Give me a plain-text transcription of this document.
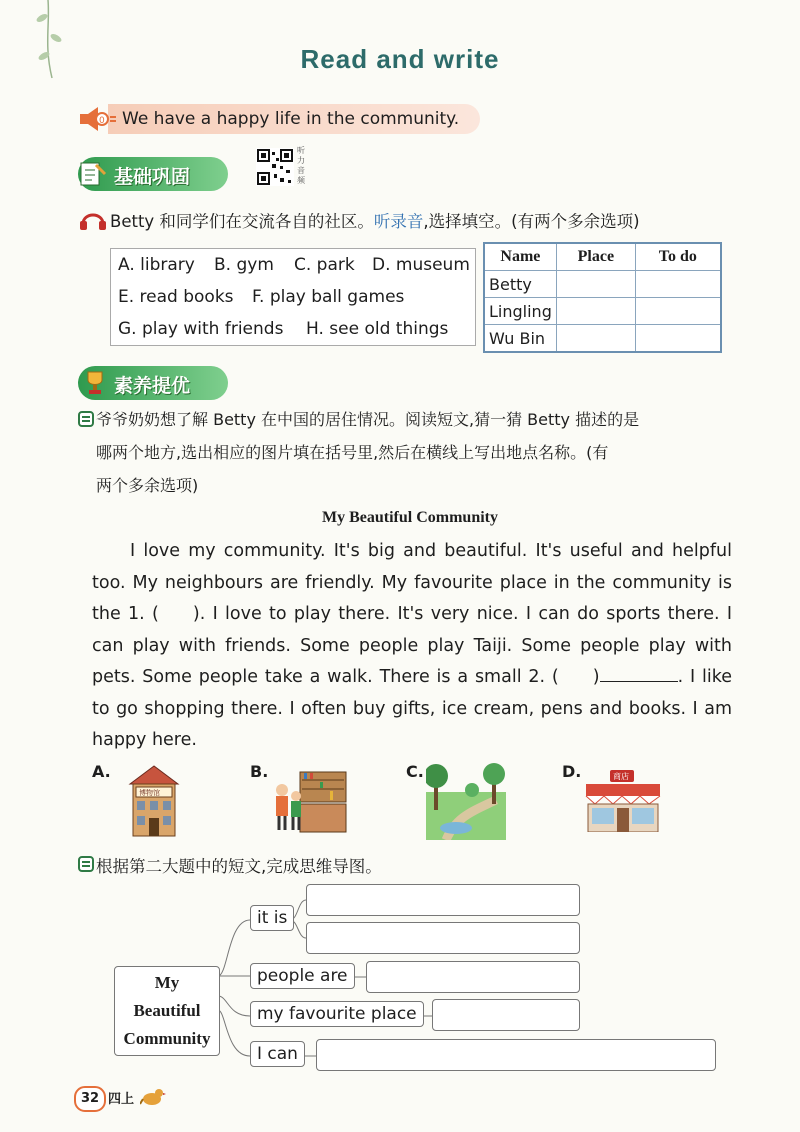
Read and write
0 We have a happy life in the community.
基础巩固
听力音频
Betty 和同学们在交流各自的社区。听录音,选择填空。(有两个多余选项)
A. library B. gym C. park D. museum
E. read books F. play ball games
G. play with friends H. see old things
Name	Place	To do
Betty		
Lingling		
Wu Bin		
素养提优
爷爷奶奶想了解 Betty 在中国的居住情况。阅读短文,猜一猜 Betty 描述的是
哪两个地方,选出相应的图片填在括号里,然后在横线上写出地点名称。(有
两个多余选项)
My Beautiful Community
I love my community. It's big and beautiful. It's useful and helpful too. My neighbours are friendly. My favourite place in the community is the 1. ( ). I love to play there. It's very nice. I can do sports there. I can play with friends. Some people play Taiji. Some people play with pets. Some people take a walk. There is a small 2. ( )	. I like to go shopping there. I often buy gifts, ice cream, pens and books. I am happy here.
A.
博物馆
B.	C.	D.	商店
根据第二大题中的短文,完成思维导图。
My Beautiful Community
it is
people are
my favourite place
I can
32 四上
